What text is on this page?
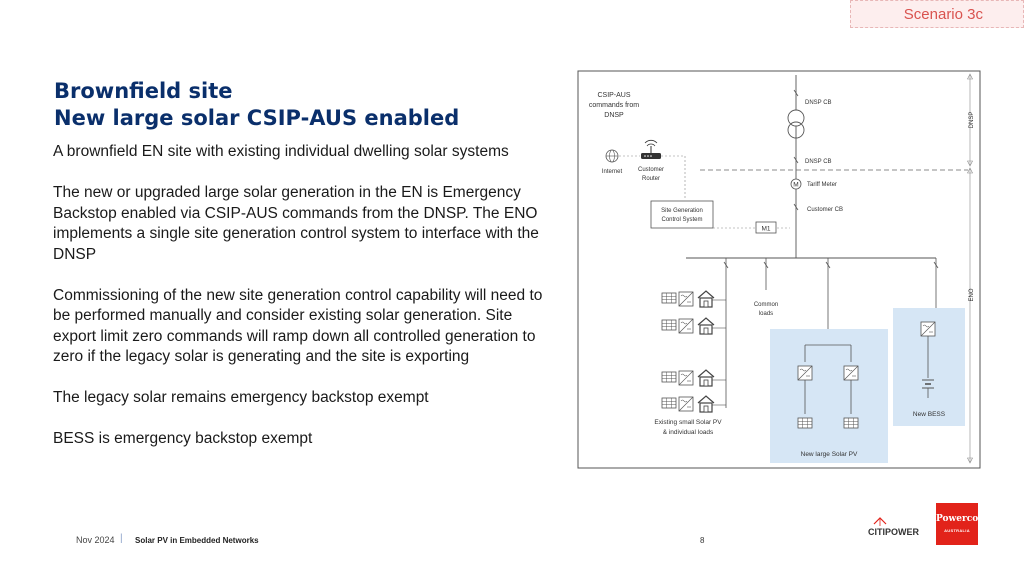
Scenario 3c
Brownfield site
New large solar CSIP-AUS enabled

A brownfield EN site with existing individual dwelling solar systems

The new or upgraded large solar generation in the EN is Emergency Backstop enabled via CSIP-AUS commands from the DNSP. The ENO implements a single site generation control system to interface with the DNSP

Commissioning of the new site generation control capability will need to be performed manually and consider existing solar generation. Site export limit zero commands will ramp down all controlled generation to zero if the legacy solar is generating and the site is exporting

The legacy solar remains emergency backstop exempt

BESS is emergency backstop exempt

DNSP
ENO
CSIP-AUS
commands from
DNSP
DNSP CB
Internet	Customer
Router
DNSP CB
M Tariff Meter
Customer CB
Site Generation
Control System
M1
Common
loads
Existing small Solar PV
& individual loads
New large Solar PV
New BESS
Nov 2024 | Solar PV in Embedded Networks	8
CITIPOWER
Powercor
AUSTRALIA
